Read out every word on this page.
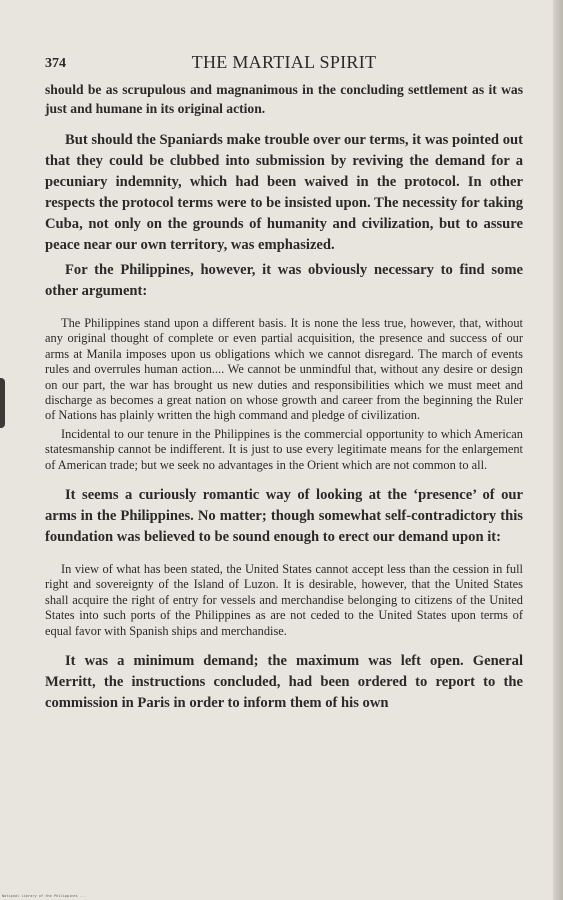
374	THE MARTIAL SPIRIT

should be as scrupulous and magnanimous in the concluding settlement as it was just and humane in its original action.

But should the Spaniards make trouble over our terms, it was pointed out that they could be clubbed into submission by reviving the demand for a pecuniary indemnity, which had been waived in the protocol. In other respects the protocol terms were to be insisted upon. The necessity for taking Cuba, not only on the grounds of humanity and civilization, but to assure peace near our own territory, was emphasized.

For the Philippines, however, it was obviously necessary to find some other argument:

The Philippines stand upon a different basis. It is none the less true, however, that, without any original thought of complete or even partial acquisition, the presence and success of our arms at Manila imposes upon us obligations which we cannot disregard. The march of events rules and overrules human action.... We cannot be unmindful that, without any desire or design on our part, the war has brought us new duties and responsibilities which we must meet and discharge as becomes a great nation on whose growth and career from the beginning the Ruler of Nations has plainly written the high command and pledge of civilization.

Incidental to our tenure in the Philippines is the commercial opportunity to which American statesmanship cannot be indifferent. It is just to use every legitimate means for the enlargement of American trade; but we seek no advantages in the Orient which are not common to all.

It seems a curiously romantic way of looking at the ‘presence’ of our arms in the Philippines. No matter; though somewhat self-contradictory this foundation was believed to be sound enough to erect our demand upon it:

In view of what has been stated, the United States cannot accept less than the cession in full right and sovereignty of the Island of Luzon. It is desirable, however, that the United States shall acquire the right of entry for vessels and merchandise belonging to citizens of the United States into such ports of the Philippines as are not ceded to the United States upon terms of equal favor with Spanish ships and merchandise.

It was a minimum demand; the maximum was left open. General Merritt, the instructions concluded, had been ordered to report to the commission in Paris in order to inform them of his own

National Library of the Philippines ...
